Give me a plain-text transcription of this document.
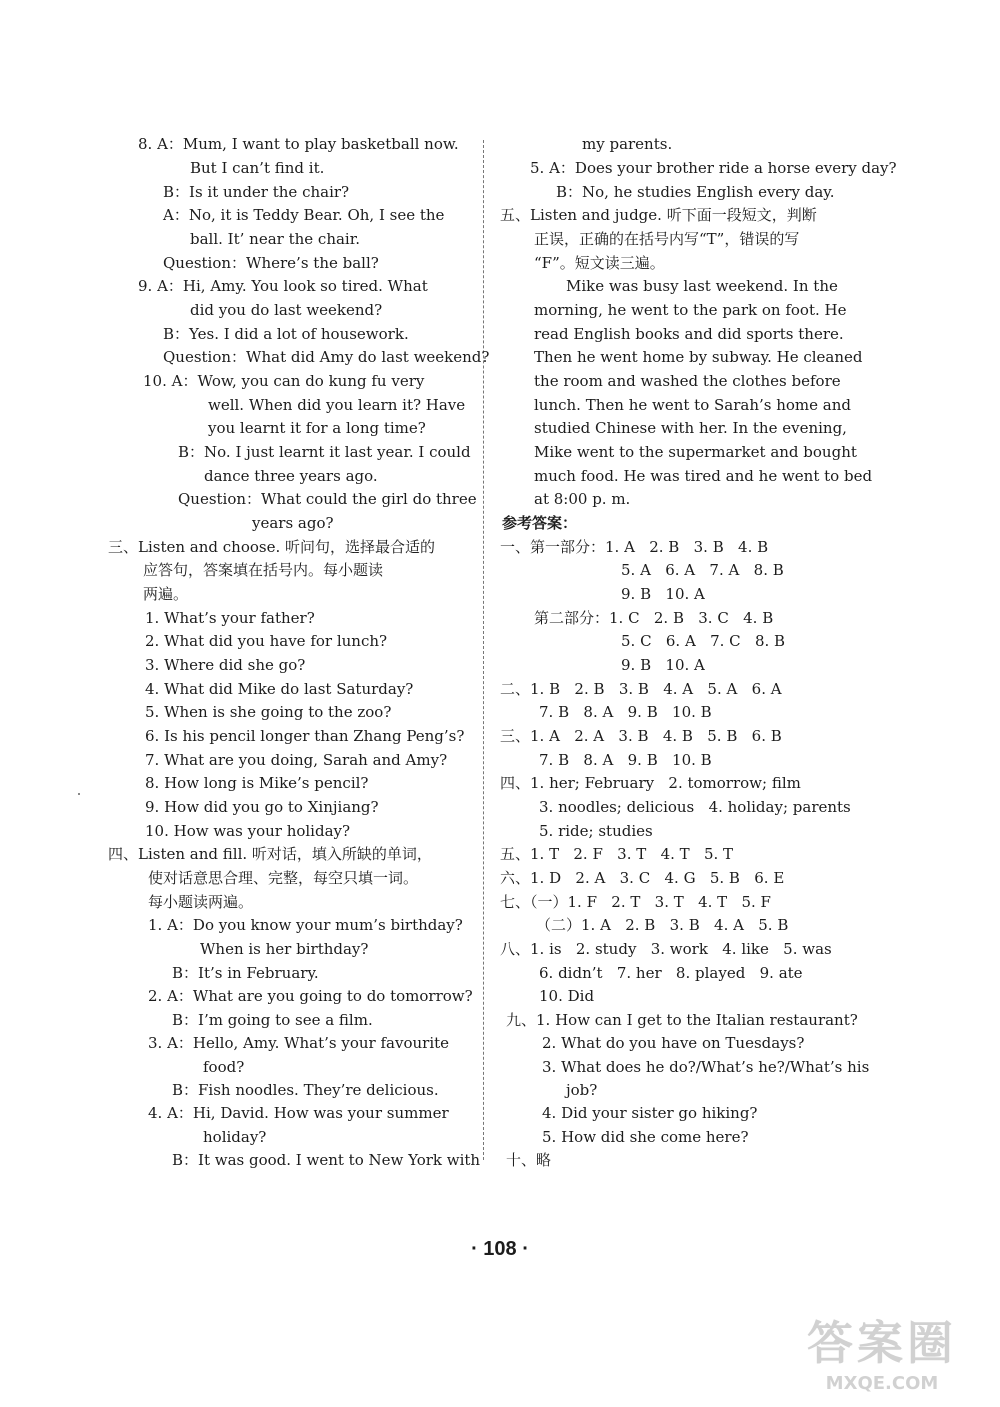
8. A：Mum, I want to play basketball now.
But I can’t find it.
B：Is it under the chair?
A：No, it is Teddy Bear. Oh, I see the
ball. It’ near the chair.
Question：Where’s the ball?
9. A：Hi, Amy. You look so tired. What
did you do last weekend?
B：Yes. I did a lot of housework.
Question：What did Amy do last weekend?
10. A：Wow, you can do kung fu very
well. When did you learn it? Have
you learnt it for a long time?
B：No. I just learnt it last year. I could
dance three years ago.
Question：What could the girl do three
years ago?
三、Listen and choose. 听问句，选择最合适的
应答句，答案填在括号内。每小题读
两遍。
1. What’s your father?
2. What did you have for lunch?
3. Where did she go?
4. What did Mike do last Saturday?
5. When is she going to the zoo?
6. Is his pencil longer than Zhang Peng’s?
7. What are you doing, Sarah and Amy?
8. How long is Mike’s pencil?
9. How did you go to Xinjiang?
10. How was your holiday?
四、Listen and fill. 听对话，填入所缺的单词，
使对话意思合理、完整，每空只填一词。
每小题读两遍。
1. A：Do you know your mum’s birthday?
When is her birthday?
B：It’s in February.
2. A：What are you going to do tomorrow?
B：I’m going to see a film.
3. A：Hello, Amy. What’s your favourite
food?
B：Fish noodles. They’re delicious.
4. A：Hi, David. How was your summer
holiday?
B：It was good. I went to New York with
my parents.
5. A：Does your brother ride a horse every day?
B：No, he studies English every day.
五、Listen and judge. 听下面一段短文，判断
正误，正确的在括号内写“T”，错误的写
“F”。短文读三遍。
Mike was busy last weekend. In the
morning, he went to the park on foot. He
read English books and did sports there.
Then he went home by subway. He cleaned
the room and washed the clothes before
lunch. Then he went to Sarah’s home and
studied Chinese with her. In the evening,
Mike went to the supermarket and bought
much food. He was tired and he went to bed
at 8:00 p. m.
参考答案：
一、第一部分：1. A   2. B   3. B   4. B
5. A   6. A   7. A   8. B
9. B   10. A
第二部分：1. C   2. B   3. C   4. B
5. C   6. A   7. C   8. B
9. B   10. A
二、1. B   2. B   3. B   4. A   5. A   6. A
7. B   8. A   9. B   10. B
三、1. A   2. A   3. B   4. B   5. B   6. B
7. B   8. A   9. B   10. B
四、1. her; February   2. tomorrow; film
3. noodles; delicious   4. holiday; parents
5. ride; studies
五、1. T   2. F   3. T   4. T   5. T
六、1. D   2. A   3. C   4. G   5. B   6. E
七、（一）1. F   2. T   3. T   4. T   5. F
（二）1. A   2. B   3. B   4. A   5. B
八、1. is   2. study   3. work   4. like   5. was
6. didn’t   7. her   8. played   9. ate
10. Did
九、1. How can I get to the Italian restaurant?
2. What do you have on Tuesdays?
3. What does he do?/What’s he?/What’s his
job?
4. Did your sister go hiking?
5. How did she come here?
十、略
· 108 ·
答案圈
MXQE.COM
